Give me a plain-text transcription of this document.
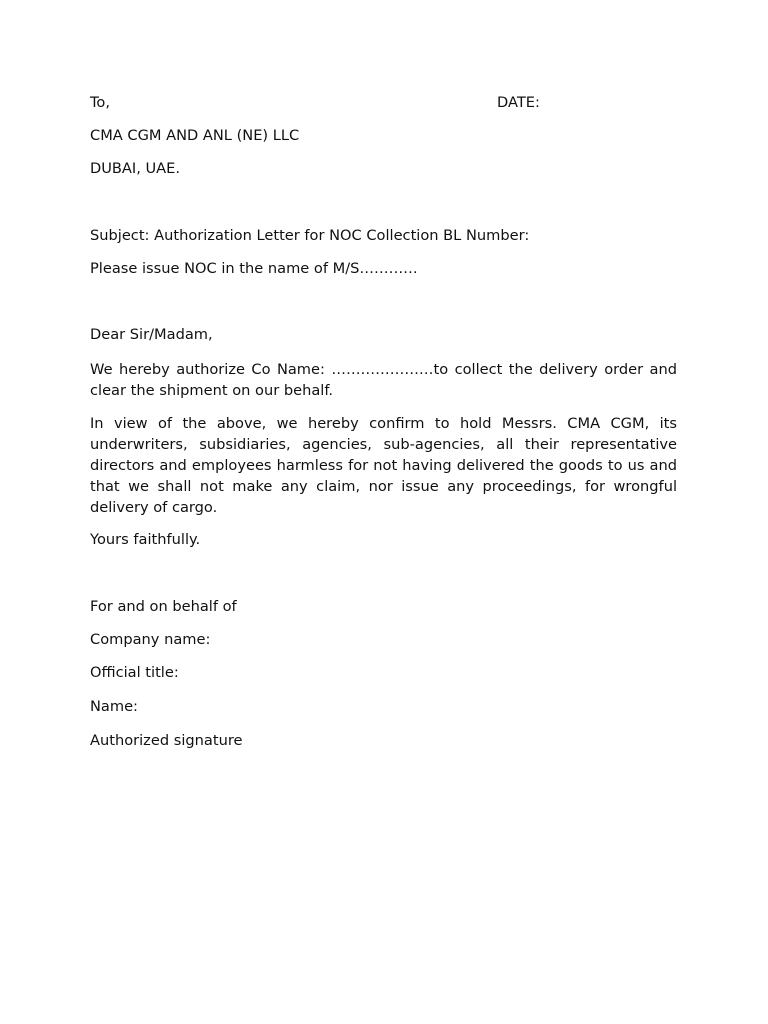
To,	DATE:
CMA CGM AND ANL (NE) LLC
DUBAI, UAE.
Subject: Authorization Letter for NOC Collection BL Number:
Please issue NOC in the name of M/S…………
Dear Sir/Madam,
We hereby authorize Co Name: …………………to collect the delivery order and clear the shipment on our behalf.
In view of the above, we hereby confirm to hold Messrs. CMA CGM, its underwriters, subsidiaries, agencies, sub-agencies, all their representative directors and employees harmless for not having delivered the goods to us and that we shall not make any claim, nor issue any proceedings, for wrongful delivery of cargo.
Yours faithfully.
For and on behalf of
Company name:
Official title:
Name:
Authorized signature
